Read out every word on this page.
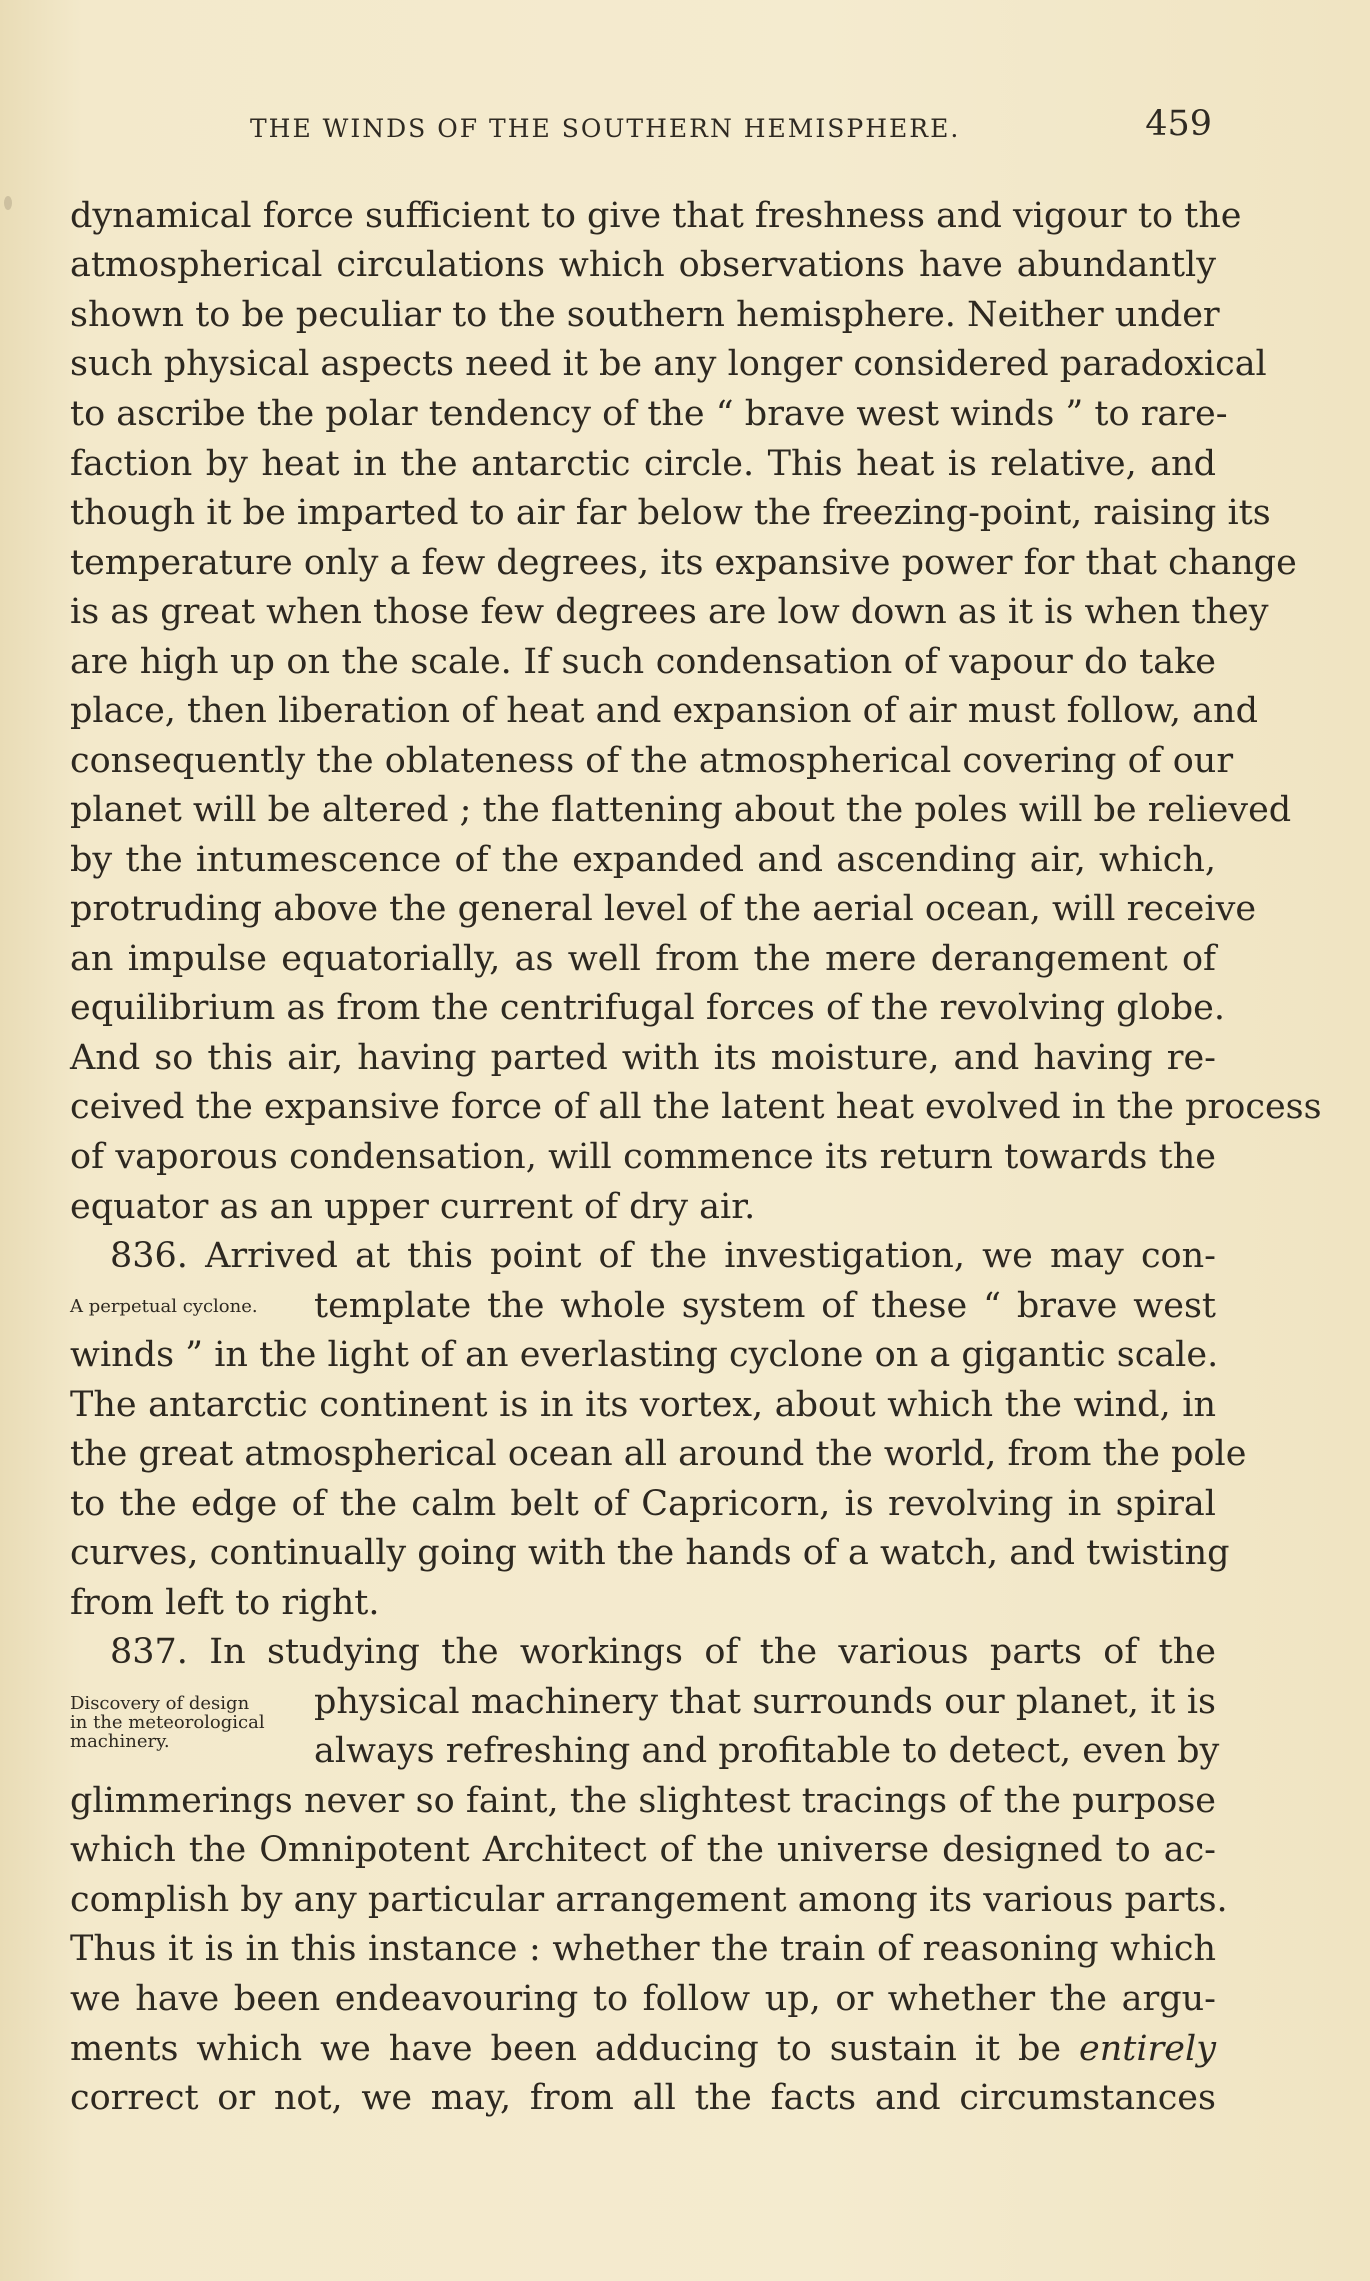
THE WINDS OF THE SOUTHERN HEMISPHERE.	459
dynamical force sufficient to give that freshness and vigour to the
atmospherical circulations which observations have abundantly
shown to be peculiar to the southern hemisphere. Neither under
such physical aspects need it be any longer considered paradoxical
to ascribe the polar tendency of the “ brave west winds ” to rare-
faction by heat in the antarctic circle. This heat is relative, and
though it be imparted to air far below the freezing-point, raising its
temperature only a few degrees, its expansive power for that change
is as great when those few degrees are low down as it is when they
are high up on the scale. If such condensation of vapour do take
place, then liberation of heat and expansion of air must follow, and
consequently the oblateness of the atmospherical covering of our
planet will be altered ; the flattening about the poles will be relieved
by the intumescence of the expanded and ascending air, which,
protruding above the general level of the aerial ocean, will receive
an impulse equatorially, as well from the mere derangement of
equilibrium as from the centrifugal forces of the revolving globe.
And so this air, having parted with its moisture, and having re-
ceived the expansive force of all the latent heat evolved in the process
of vaporous condensation, will commence its return towards the
equator as an upper current of dry air.
836. Arrived at this point of the investigation, we may con-
A perpetual cyclone. template the whole system of these “ brave west
winds ” in the light of an everlasting cyclone on a gigantic scale.
The antarctic continent is in its vortex, about which the wind, in
the great atmospherical ocean all around the world, from the pole
to the edge of the calm belt of Capricorn, is revolving in spiral
curves, continually going with the hands of a watch, and twisting
from left to right.
837. In studying the workings of the various parts of the
Discovery of design
in the meteorological
machinery.
physical machinery that surrounds our planet, it is
always refreshing and profitable to detect, even by
glimmerings never so faint, the slightest tracings of the purpose
which the Omnipotent Architect of the universe designed to ac-
complish by any particular arrangement among its various parts.
Thus it is in this instance : whether the train of reasoning which
we have been endeavouring to follow up, or whether the argu-
ments which we have been adducing to sustain it be entirely
correct or not, we may, from all the facts and circumstances
